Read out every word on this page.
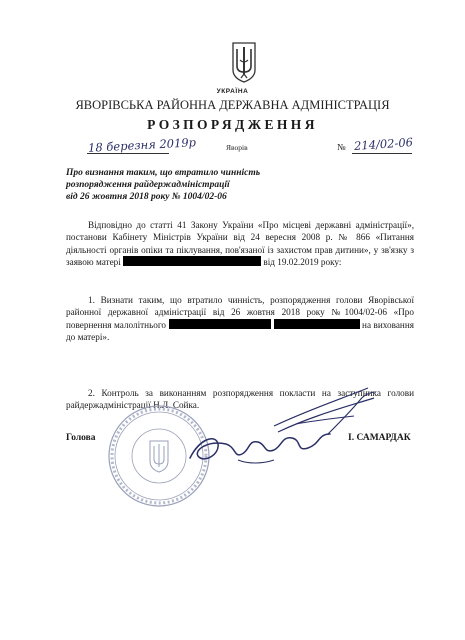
УКРАЇНА
ЯВОРІВСЬКА РАЙОННА ДЕРЖАВНА АДМІНІСТРАЦІЯ
РОЗПОРЯДЖЕННЯ
18 березня 2019р	Яворів	№ 214/02-06
Про визнання таким, що втратило чинність
розпорядження райдержадміністрації
від 26 жовтня 2018 року № 1004/02-06
Відповідно до статті 41 Закону України «Про місцеві державні адміністрації», постанови Кабінету Міністрів України від 24 вересня 2008 р. № 866 «Питання діяльності органів опіки та піклування, пов'язаної із захистом прав дитини», у зв'язку з заявою матері	від 19.02.2019 року:
1. Визнати таким, що втратило чинність, розпорядження голови Яворівської районної державної адміністрації від 26 жовтня 2018 року №1004/02-06 «Про повернення малолітнього	на виховання до матері».
2. Контроль за виконанням розпорядження покласти на заступника голови райдержадміністрації Н.Л. Сойка.
Голова	І. САМАРДАК
